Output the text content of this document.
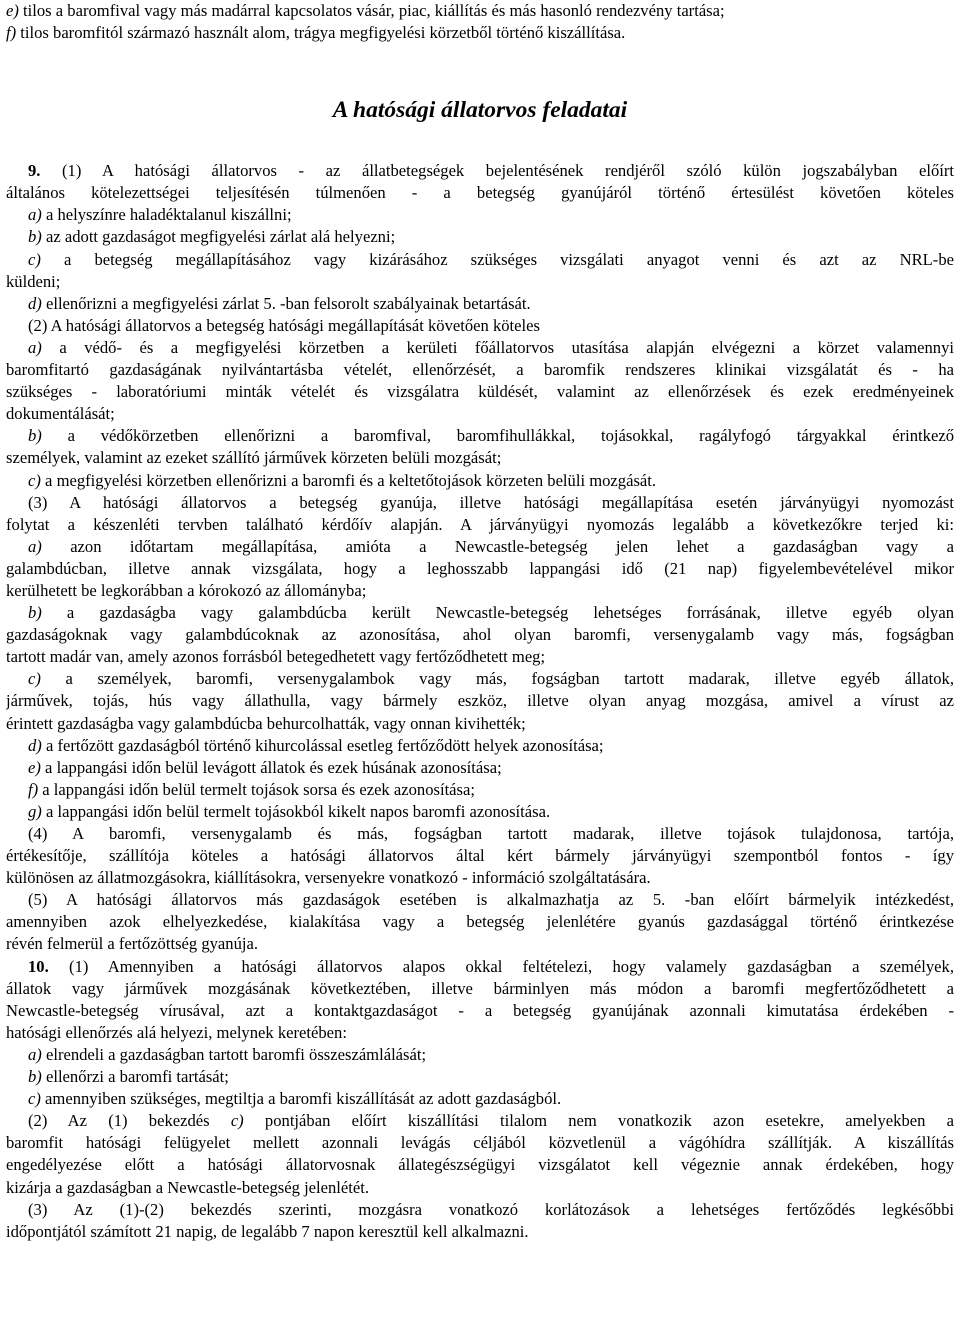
e) tilos a baromfival vagy más madárral kapcsolatos vásár, piac, kiállítás és más hasonló rendezvény tartása;
f) tilos baromfitól származó használt alom, trágya megfigyelési körzetből történő kiszállítása.
A hatósági állatorvos feladatai
9. (1) A hatósági állatorvos - az állatbetegségek bejelentésének rendjéről szóló külön jogszabályban előírt
általános kötelezettségei teljesítésén túlmenően - a betegség gyanújáról történő értesülést követően köteles
a) a helyszínre haladéktalanul kiszállni;
b) az adott gazdaságot megfigyelési zárlat alá helyezni;
c) a betegség megállapításához vagy kizárásához szükséges vizsgálati anyagot venni és azt az NRL-be
küldeni;
d) ellenőrizni a megfigyelési zárlat 5. -ban felsorolt szabályainak betartását.
(2) A hatósági állatorvos a betegség hatósági megállapítását követően köteles
a) a védő- és a megfigyelési körzetben a kerületi főállatorvos utasítása alapján elvégezni a körzet valamennyi
baromfitartó gazdaságának nyilvántartásba vételét, ellenőrzését, a baromfik rendszeres klinikai vizsgálatát és - ha
szükséges - laboratóriumi minták vételét és vizsgálatra küldését, valamint az ellenőrzések és ezek eredményeinek
dokumentálását;
b) a védőkörzetben ellenőrizni a baromfival, baromfihullákkal, tojásokkal, ragályfogó tárgyakkal érintkező
személyek, valamint az ezeket szállító járművek körzeten belüli mozgását;
c) a megfigyelési körzetben ellenőrizni a baromfi és a keltetőtojások körzeten belüli mozgását.
(3) A hatósági állatorvos a betegség gyanúja, illetve hatósági megállapítása esetén járványügyi nyomozást
folytat a készenléti tervben található kérdőív alapján. A járványügyi nyomozás legalább a következőkre terjed ki:
a) azon időtartam megállapítása, amióta a Newcastle-betegség jelen lehet a gazdaságban vagy a
galambdúcban, illetve annak vizsgálata, hogy a leghosszabb lappangási idő (21 nap) figyelembevételével mikor
kerülhetett be legkorábban a kórokozó az állományba;
b) a gazdaságba vagy galambdúcba került Newcastle-betegség lehetséges forrásának, illetve egyéb olyan
gazdaságoknak vagy galambdúcoknak az azonosítása, ahol olyan baromfi, versenygalamb vagy más, fogságban
tartott madár van, amely azonos forrásból betegedhetett vagy fertőződhetett meg;
c) a személyek, baromfi, versenygalambok vagy más, fogságban tartott madarak, illetve egyéb állatok,
járművek, tojás, hús vagy állathulla, vagy bármely eszköz, illetve olyan anyag mozgása, amivel a vírust az
érintett gazdaságba vagy galambdúcba behurcolhatták, vagy onnan kivihették;
d) a fertőzött gazdaságból történő kihurcolással esetleg fertőződött helyek azonosítása;
e) a lappangási időn belül levágott állatok és ezek húsának azonosítása;
f) a lappangási időn belül termelt tojások sorsa és ezek azonosítása;
g) a lappangási időn belül termelt tojásokból kikelt napos baromfi azonosítása.
(4) A baromfi, versenygalamb és más, fogságban tartott madarak, illetve tojások tulajdonosa, tartója,
értékesítője, szállítója köteles a hatósági állatorvos által kért bármely járványügyi szempontból fontos - így
különösen az állatmozgásokra, kiállításokra, versenyekre vonatkozó - információ szolgáltatására.
(5) A hatósági állatorvos más gazdaságok esetében is alkalmazhatja az 5. -ban előírt bármelyik intézkedést,
amennyiben azok elhelyezkedése, kialakítása vagy a betegség jelenlétére gyanús gazdasággal történő érintkezése
révén felmerül a fertőzöttség gyanúja.
10. (1) Amennyiben a hatósági állatorvos alapos okkal feltételezi, hogy valamely gazdaságban a személyek,
állatok vagy járművek mozgásának következtében, illetve bárminlyen más módon a baromfi megfertőződhetett a
Newcastle-betegség vírusával, azt a kontaktgazdaságot - a betegség gyanújának azonnali kimutatása érdekében -
hatósági ellenőrzés alá helyezi, melynek keretében:
a) elrendeli a gazdaságban tartott baromfi összeszámlálását;
b) ellenőrzi a baromfi tartását;
c) amennyiben szükséges, megtiltja a baromfi kiszállítását az adott gazdaságból.
(2) Az (1) bekezdés c) pontjában előírt kiszállítási tilalom nem vonatkozik azon esetekre, amelyekben a
baromfit hatósági felügyelet mellett azonnali levágás céljából közvetlenül a vágóhídra szállítják. A kiszállítás
engedélyezése előtt a hatósági állatorvosnak állategészségügyi vizsgálatot kell végeznie annak érdekében, hogy
kizárja a gazdaságban a Newcastle-betegség jelenlétét.
(3) Az (1)-(2) bekezdés szerinti, mozgásra vonatkozó korlátozások a lehetséges fertőződés legkésőbbi
időpontjától számított 21 napig, de legalább 7 napon keresztül kell alkalmazni.
